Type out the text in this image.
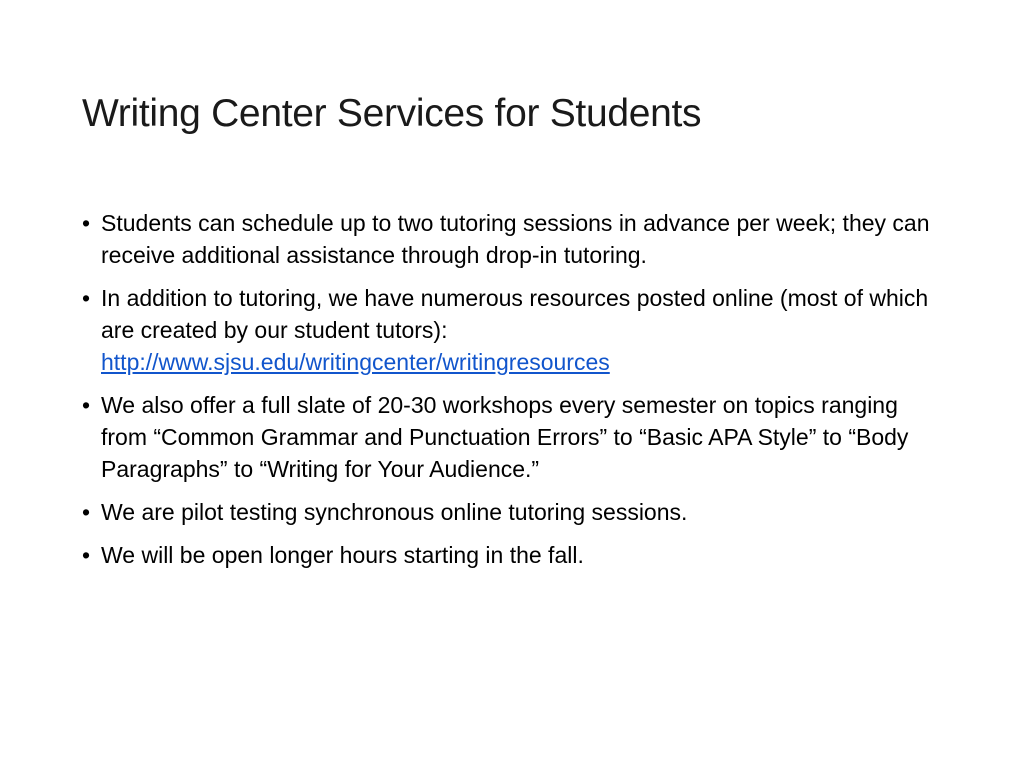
Writing Center Services for Students
• Students can schedule up to two tutoring sessions in advance per week; they can receive additional assistance through drop-in tutoring.
• In addition to tutoring, we have numerous resources posted online (most of which are created by our student tutors):
http://www.sjsu.edu/writingcenter/writingresources
• We also offer a full slate of 20-30 workshops every semester on topics ranging from “Common Grammar and Punctuation Errors” to “Basic APA Style” to “Body Paragraphs” to “Writing for Your Audience.”
• We are pilot testing synchronous online tutoring sessions.
• We will be open longer hours starting in the fall.
